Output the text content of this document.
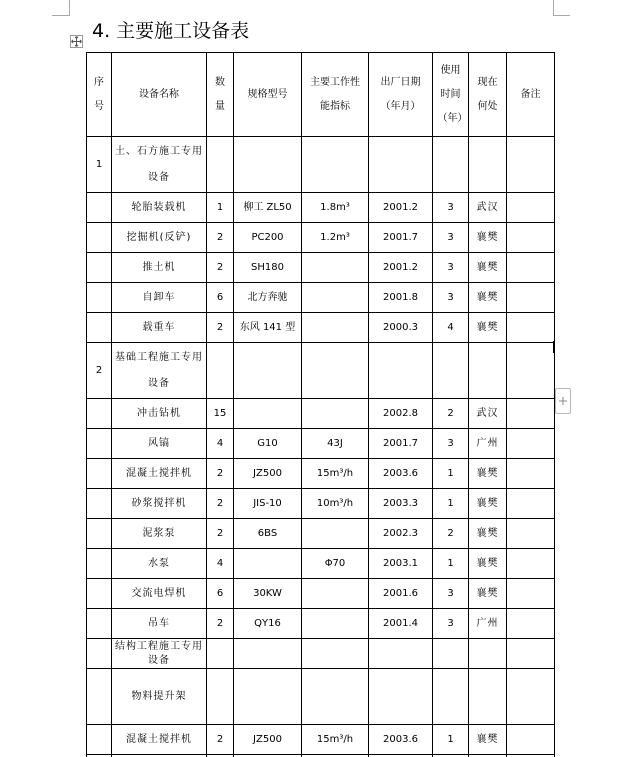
4. 主要施工设备表
序号	设备名称	数量	规格型号	主要工作性能指标	出厂日期（年月）	使用时间（年）	现在何处	备注
1	土、石方施工专用设备							
	轮胎装载机	1	柳工 ZL50	1.8m³	2001.2	3	武汉	
	挖掘机(反铲)	2	PC200	1.2m³	2001.7	3	襄樊	
	推土机	2	SH180		2001.2	3	襄樊	
	自卸车	6	北方奔驰		2001.8	3	襄樊	
	载重车	2	东风 141 型		2000.3	4	襄樊	
2	基础工程施工专用设备							
	冲击钻机	15			2002.8	2	武汉	
	风镐	4	G10	43J	2001.7	3	广州	
	混凝土搅拌机	2	JZ500	15m³/h	2003.6	1	襄樊	
	砂浆搅拌机	2	JIS-10	10m³/h	2003.3	1	襄樊	
	泥浆泵	2	6BS		2002.3	2	襄樊	
	水泵	4		Φ70	2003.1	1	襄樊	
	交流电焊机	6	30KW		2001.6	3	襄樊	
	吊车	2	QY16		2001.4	3	广州	
	结构工程施工专用设备							
	物料提升架							
	混凝土搅拌机	2	JZ500	15m³/h	2003.6	1	襄樊	
